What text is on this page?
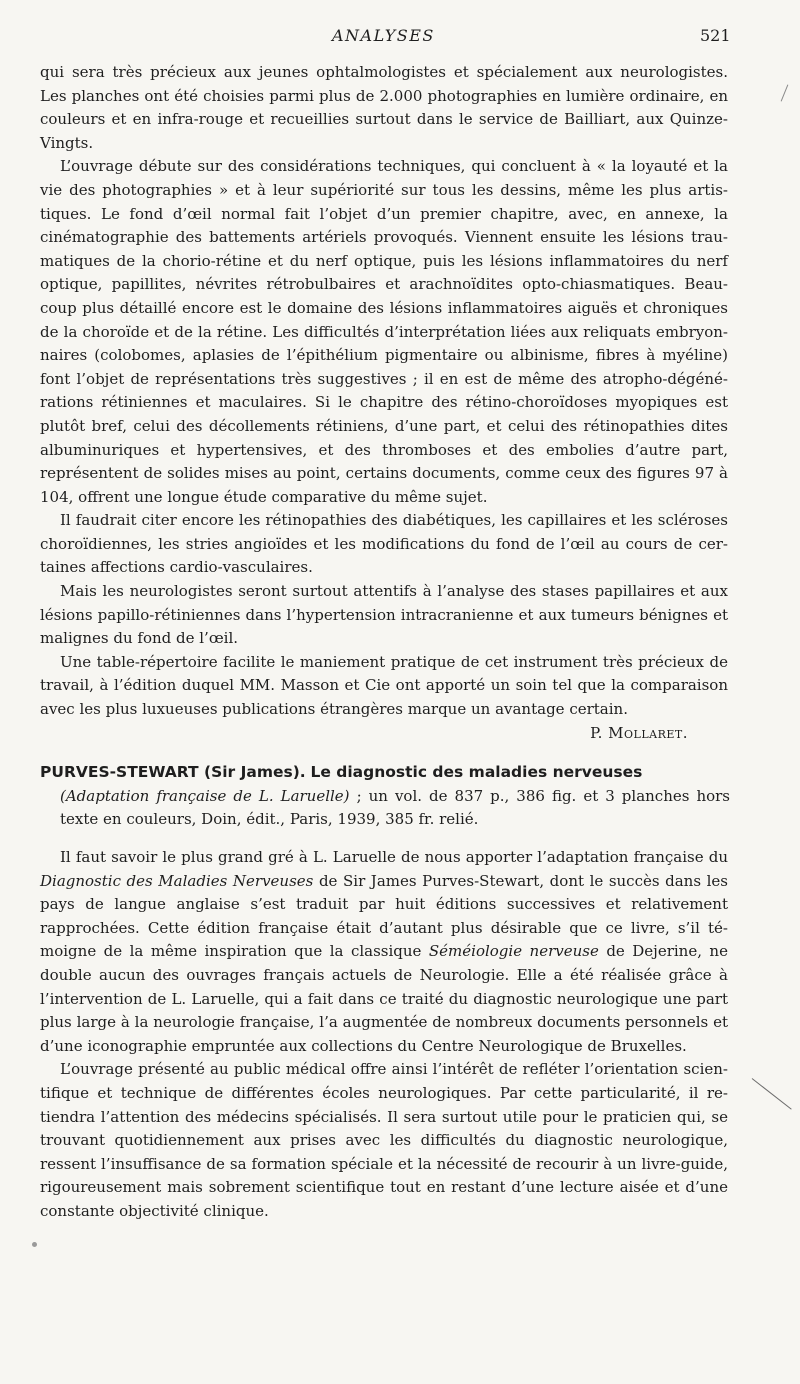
ANALYSES	521

qui sera très précieux aux jeunes ophtalmologistes et spécialement aux neurologistes. Les planches ont été choisies parmi plus de 2.000 photographies en lumière ordinaire, en couleurs et en infra-rouge et recueillies surtout dans le service de Bailliart, aux Quinze-Vingts.

L’ouvrage débute sur des considérations techniques, qui concluent à « la loyauté et la vie des photographies » et à leur supériorité sur tous les dessins, même les plus artistiques. Le fond d’œil normal fait l’objet d’un premier chapitre, avec, en annexe, la cinématographie des battements artériels provoqués. Viennent ensuite les lésions traumatiques de la chorio-rétine et du nerf optique, puis les lésions inflammatoires du nerf optique, papillites, névrites rétrobulbaires et arachnoïdites opto-chiasmatiques. Beaucoup plus détaillé encore est le domaine des lésions inflammatoires aiguës et chroniques de la choroïde et de la rétine. Les difficultés d’interprétation liées aux reliquats embryonnaires (colobomes, aplasies de l’épithélium pigmentaire ou albinisme, fibres à myéline) font l’objet de représentations très suggestives ; il en est de même des atropho-dégénérations rétiniennes et maculaires. Si le chapitre des rétino-choroïdoses myopiques est plutôt bref, celui des décollements rétiniens, d’une part, et celui des rétinopathies dites albuminuriques et hypertensives, et des thromboses et des embolies d’autre part, représentent de solides mises au point, certains documents, comme ceux des figures 97 à 104, offrent une longue étude comparative du même sujet.

Il faudrait citer encore les rétinopathies des diabétiques, les capillaires et les scléroses choroïdiennes, les stries angioïdes et les modifications du fond de l’œil au cours de certaines affections cardio-vasculaires.

Mais les neurologistes seront surtout attentifs à l’analyse des stases papillaires et aux lésions papillo-rétiniennes dans l’hypertension intracranienne et aux tumeurs bénignes et malignes du fond de l’œil.

Une table-répertoire facilite le maniement pratique de cet instrument très précieux de travail, à l’édition duquel MM. Masson et Cie ont apporté un soin tel que la comparaison avec les plus luxueuses publications étrangères marque un avantage certain.

P. Mollaret.

PURVES-STEWART (Sir James). Le diagnostic des maladies nerveuses
(Adaptation française de L. Laruelle) ; un vol. de 837 p., 386 fig. et 3 planches hors texte en couleurs, Doin, édit., Paris, 1939, 385 fr. relié.

Il faut savoir le plus grand gré à L. Laruelle de nous apporter l’adaptation française du Diagnostic des Maladies Nerveuses de Sir James Purves-Stewart, dont le succès dans les pays de langue anglaise s’est traduit par huit éditions successives et relativement rapprochées. Cette édition française était d’autant plus désirable que ce livre, s’il témoigne de la même inspiration que la classique Séméiologie nerveuse de Dejerine, ne double aucun des ouvrages français actuels de Neurologie. Elle a été réalisée grâce à l’intervention de L. Laruelle, qui a fait dans ce traité du diagnostic neurologique une part plus large à la neurologie française, l’a augmentée de nombreux documents personnels et d’une iconographie empruntée aux collections du Centre Neurologique de Bruxelles.

L’ouvrage présenté au public médical offre ainsi l’intérêt de refléter l’orientation scientifique et technique de différentes écoles neurologiques. Par cette particularité, il retiendra l’attention des médecins spécialisés. Il sera surtout utile pour le praticien qui, se trouvant quotidiennement aux prises avec les difficultés du diagnostic neurologique, ressent l’insuffisance de sa formation spéciale et la nécessité de recourir à un livre-guide, rigoureusement mais sobrement scientifique tout en restant d’une lecture aisée et d’une constante objectivité clinique.
